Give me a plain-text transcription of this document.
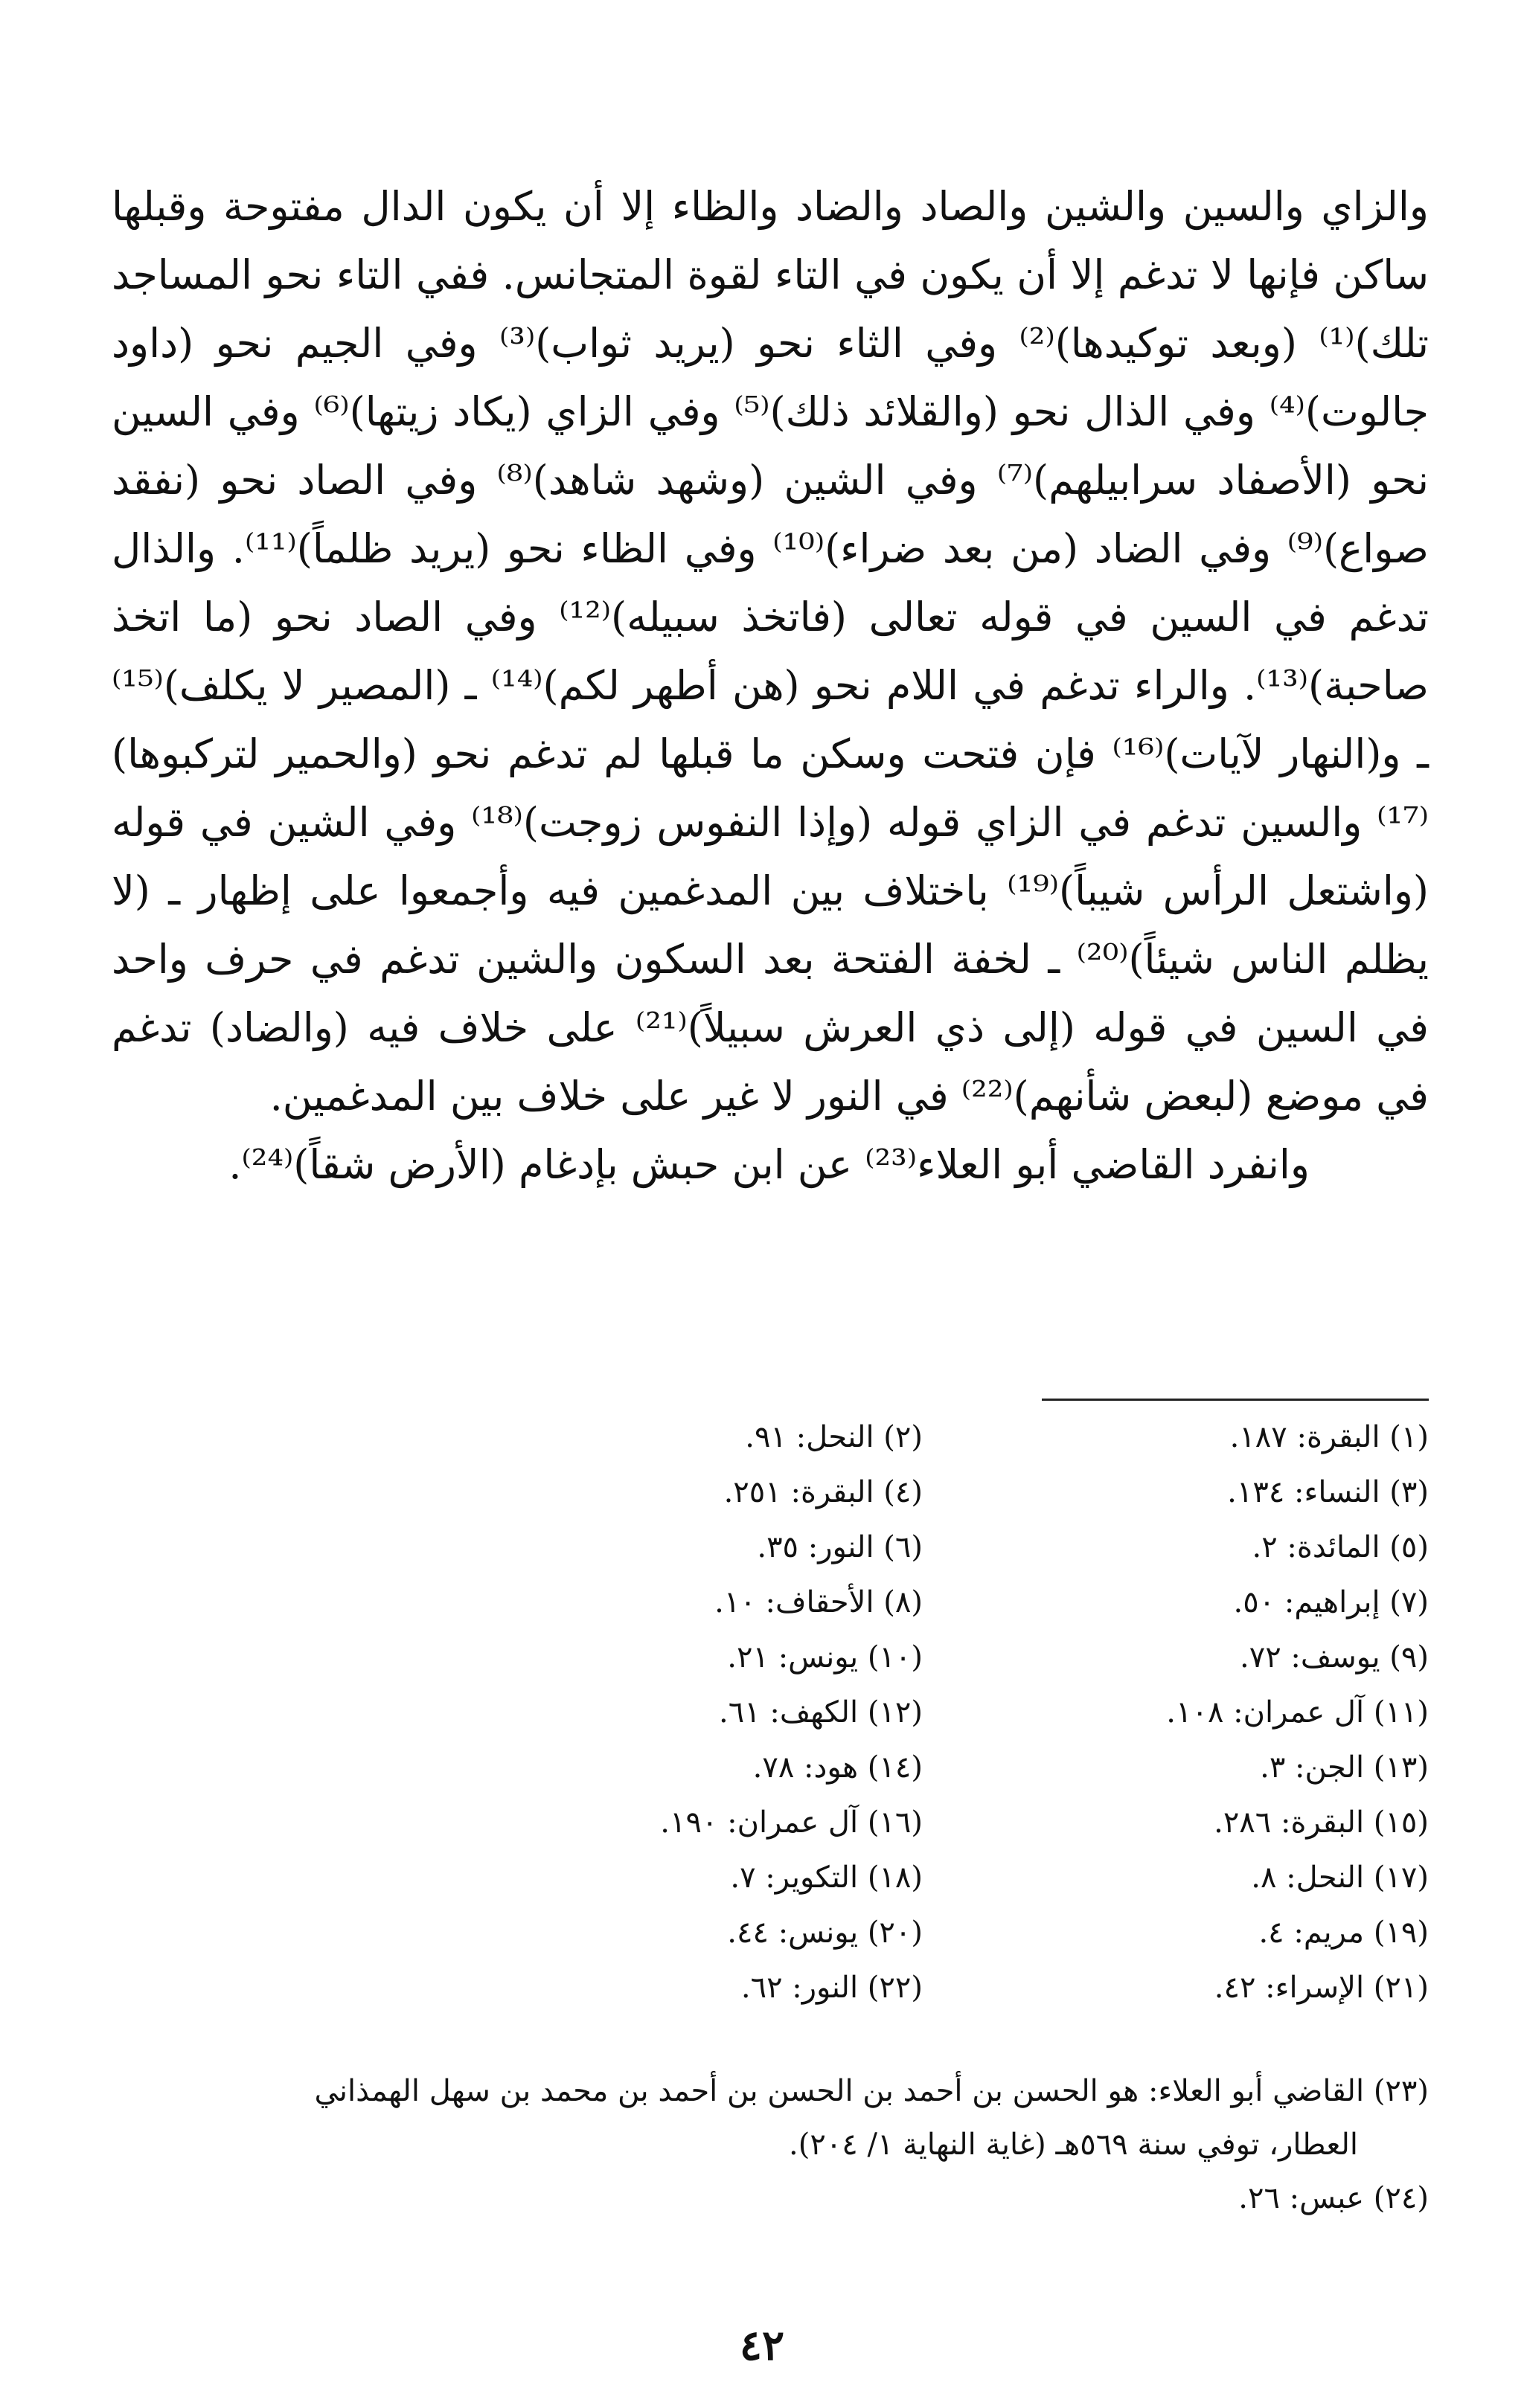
والزاي والسين والشين والصاد والضاد والظاء إلا أن يكون الدال مفتوحة وقبلها ساكن فإنها لا تدغم إلا أن يكون في التاء لقوة المتجانس. ففي التاء نحو المساجد تلك)⁽¹⁾ (وبعد توكيدها)⁽²⁾ وفي الثاء نحو (يريد ثواب)⁽³⁾ وفي الجيم نحو (داود جالوت)⁽⁴⁾ وفي الذال نحو (والقلائد ذلك)⁽⁵⁾ وفي الزاي (يكاد زيتها)⁽⁶⁾ وفي السين نحو (الأصفاد سرابيلهم)⁽⁷⁾ وفي الشين (وشهد شاهد)⁽⁸⁾ وفي الصاد نحو (نفقد صواع)⁽⁹⁾ وفي الضاد (من بعد ضراء)⁽¹⁰⁾ وفي الظاء نحو (يريد ظلماً)⁽¹¹⁾. والذال تدغم في السين في قوله تعالى (فاتخذ سبيله)⁽¹²⁾ وفي الصاد نحو (ما اتخذ صاحبة)⁽¹³⁾. والراء تدغم في اللام نحو (هن أطهر لكم)⁽¹⁴⁾ ـ (المصير لا يكلف)⁽¹⁵⁾ ـ و(النهار لآيات)⁽¹⁶⁾ فإن فتحت وسكن ما قبلها لم تدغم نحو (والحمير لتركبوها)⁽¹⁷⁾ والسين تدغم في الزاي قوله (وإذا النفوس زوجت)⁽¹⁸⁾ وفي الشين في قوله (واشتعل الرأس شيباً)⁽¹⁹⁾ باختلاف بين المدغمين فيه وأجمعوا على إظهار ـ (لا يظلم الناس شيئاً)⁽²⁰⁾ ـ لخفة الفتحة بعد السكون والشين تدغم في حرف واحد في السين في قوله (إلى ذي العرش سبيلاً)⁽²¹⁾ على خلاف فيه (والضاد) تدغم في موضع (لبعض شأنهم)⁽²²⁾ في النور لا غير على خلاف بين المدغمين.

وانفرد القاضي أبو العلاء⁽²³⁾ عن ابن حبش بإدغام (الأرض شقاً)⁽²⁴⁾.

(١) البقرة: ١٨٧.
(٢) النحل: ٩١.
(٣) النساء: ١٣٤.
(٤) البقرة: ٢٥١.
(٥) المائدة: ٢.
(٦) النور: ٣٥.
(٧) إبراهيم: ٥٠.
(٨) الأحقاف: ١٠.
(٩) يوسف: ٧٢.
(١٠) يونس: ٢١.
(١١) آل عمران: ١٠٨.
(١٢) الكهف: ٦١.
(١٣) الجن: ٣.
(١٤) هود: ٧٨.
(١٥) البقرة: ٢٨٦.
(١٦) آل عمران: ١٩٠.
(١٧) النحل: ٨.
(١٨) التكوير: ٧.
(١٩) مريم: ٤.
(٢٠) يونس: ٤٤.
(٢١) الإسراء: ٤٢.
(٢٢) النور: ٦٢.
(٢٣) القاضي أبو العلاء: هو الحسن بن أحمد بن الحسن بن أحمد بن محمد بن سهل الهمذاني
العطار، توفي سنة ٥٦٩هـ (غاية النهاية ١/ ٢٠٤).
(٢٤) عبس: ٢٦.
٤٢
